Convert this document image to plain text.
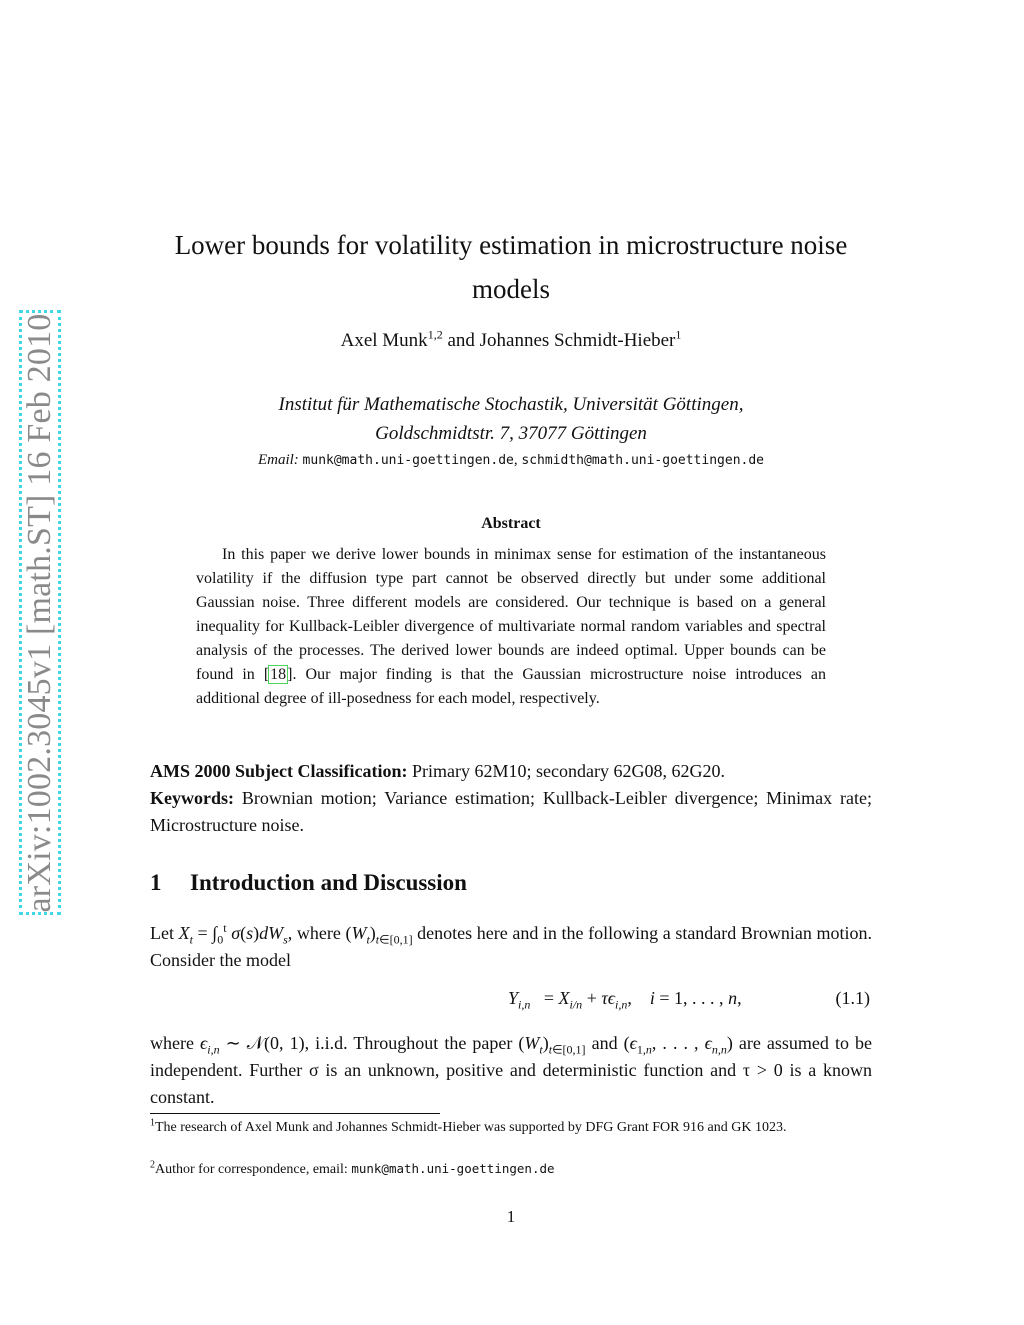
arXiv:1002.3045v1 [math.ST] 16 Feb 2010
Lower bounds for volatility estimation in microstructure noise
models
Axel Munk$^{1,2}$ and Johannes Schmidt-Hieber$^1$
Institut für Mathematische Stochastik, Universität Göttingen,
Goldschmidtstr. 7, 37077 Göttingen
Email: munk@math.uni-goettingen.de, schmidth@math.uni-goettingen.de
Abstract
In this paper we derive lower bounds in minimax sense for estimation of the instantaneous volatility if the diffusion type part cannot be observed directly but under some additional Gaussian noise. Three different models are considered. Our technique is based on a general inequality for Kullback-Leibler divergence of multivariate normal random variables and spectral analysis of the processes. The derived lower bounds are indeed optimal. Upper bounds can be found in [18]. Our major finding is that the Gaussian microstructure noise introduces an additional degree of ill-posedness for each model, respectively.
AMS 2000 Subject Classification: Primary 62M10; secondary 62G08, 62G20.
Keywords: Brownian motion; Variance estimation; Kullback-Leibler divergence; Minimax rate; Microstructure noise.
1 Introduction and Discussion
Let $X_t = \int_0^t$ $\sigma(s)dW_s$, where $(W_t)_{t\in[0,1]}$ denotes here and in the following a standard Brownian motion. Consider the model
$Y_{i,n} = X_{i/n} + \tau\epsilon_{i,n}$,    i = 1, . . . , n,	(1.1)
where $\epsilon_{i,n}$ ∼ 𝒩(0, 1), i.i.d. Throughout the paper $(W_t)_{t\in[0,1]}$ and ($\epsilon_{1,n}$, . . . , $\epsilon_{n,n}$) are assumed to be independent. Further σ is an unknown, positive and deterministic function and τ > 0 is a known constant.
$^1$The research of Axel Munk and Johannes Schmidt-Hieber was supported by DFG Grant FOR 916 and GK 1023.
$^2$Author for correspondence, email: munk@math.uni-goettingen.de
1
